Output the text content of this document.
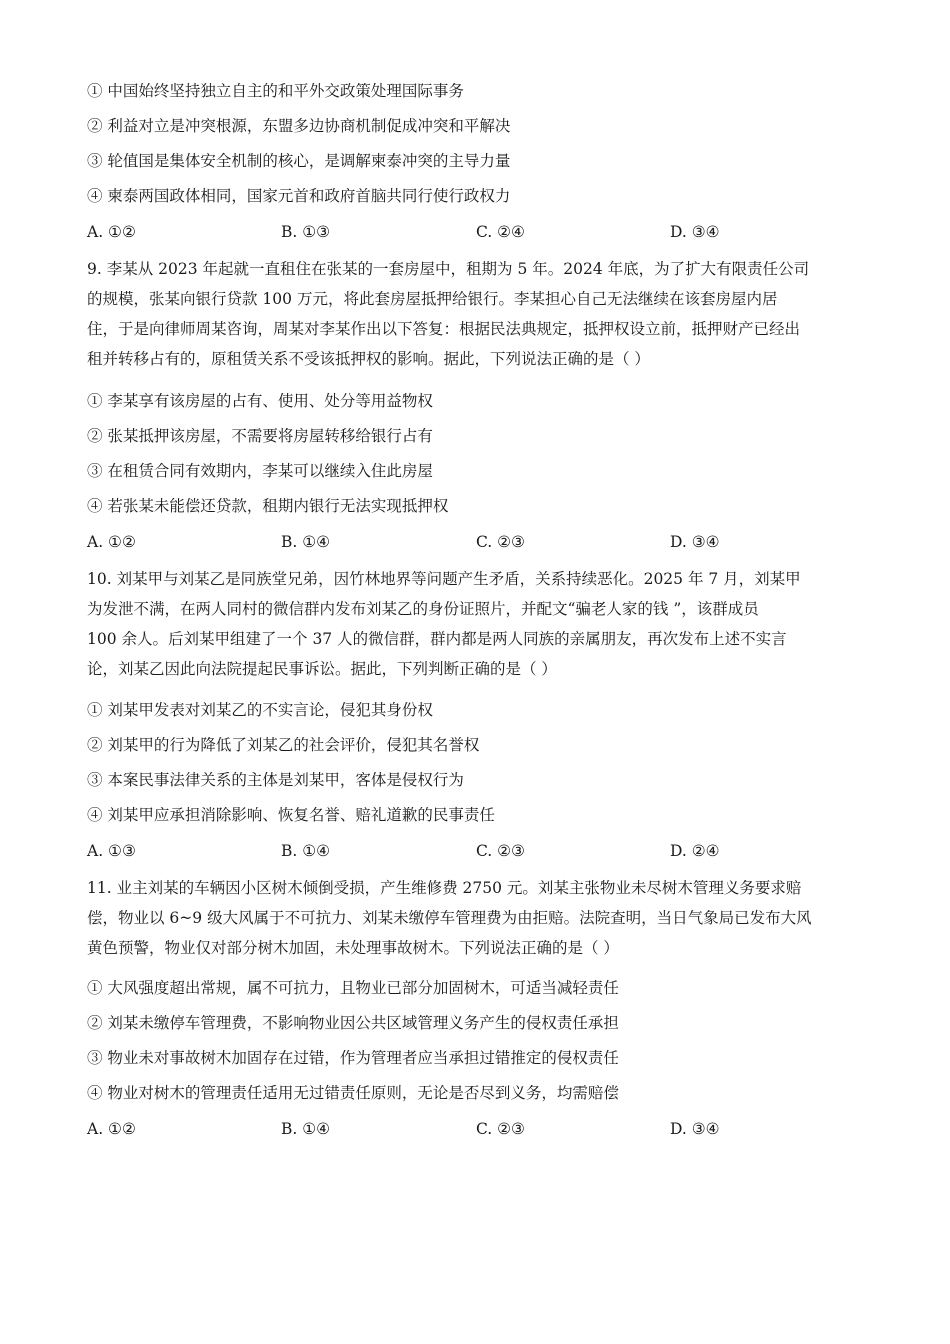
① 中国始终坚持独立自主的和平外交政策处理国际事务
② 利益对立是冲突根源，东盟多边协商机制促成冲突和平解决
③ 轮值国是集体安全机制的核心，是调解柬泰冲突的主导力量
④ 柬泰两国政体相同，国家元首和政府首脑共同行使行政权力
A. ①②	B. ①③	C. ②④	D. ③④

9. 李某从 2023 年起就一直租住在张某的一套房屋中，租期为 5 年。2024 年底，为了扩大有限责任公司

的规模，张某向银行贷款 100 万元，将此套房屋抵押给银行。李某担心自己无法继续在该套房屋内居

住，于是向律师周某咨询，周某对李某作出以下答复：根据民法典规定，抵押权设立前，抵押财产已经出

租并转移占有的，原租赁关系不受该抵押权的影响。据此，下列说法正确的是（ ）

① 李某享有该房屋的占有、使用、处分等用益物权
② 张某抵押该房屋，不需要将房屋转移给银行占有
③ 在租赁合同有效期内，李某可以继续入住此房屋
④ 若张某未能偿还贷款，租期内银行无法实现抵押权
A. ①②	B. ①④	C. ②③	D. ③④

10. 刘某甲与刘某乙是同族堂兄弟，因竹林地界等问题产生矛盾，关系持续恶化。2025 年 7 月，刘某甲

为发泄不满，在两人同村的微信群内发布刘某乙的身份证照片，并配文“骗老人家的钱 ”，该群成员

100 余人。后刘某甲组建了一个 37 人的微信群，群内都是两人同族的亲属朋友，再次发布上述不实言

论，刘某乙因此向法院提起民事诉讼。据此，下列判断正确的是（ ）

① 刘某甲发表对刘某乙的不实言论，侵犯其身份权
② 刘某甲的行为降低了刘某乙的社会评价，侵犯其名誉权
③ 本案民事法律关系的主体是刘某甲，客体是侵权行为
④ 刘某甲应承担消除影响、恢复名誉、赔礼道歉的民事责任
A. ①③	B. ①④	C. ②③	D. ②④

11. 业主刘某的车辆因小区树木倾倒受损，产生维修费 2750 元。刘某主张物业未尽树木管理义务要求赔

偿，物业以 6~9 级大风属于不可抗力、刘某未缴停车管理费为由拒赔。法院查明，当日气象局已发布大风

黄色预警，物业仅对部分树木加固，未处理事故树木。下列说法正确的是（ ）

① 大风强度超出常规，属不可抗力，且物业已部分加固树木，可适当减轻责任
② 刘某未缴停车管理费，不影响物业因公共区域管理义务产生的侵权责任承担
③ 物业未对事故树木加固存在过错，作为管理者应当承担过错推定的侵权责任
④ 物业对树木的管理责任适用无过错责任原则，无论是否尽到义务，均需赔偿
A. ①②	B. ①④	C. ②③	D. ③④
